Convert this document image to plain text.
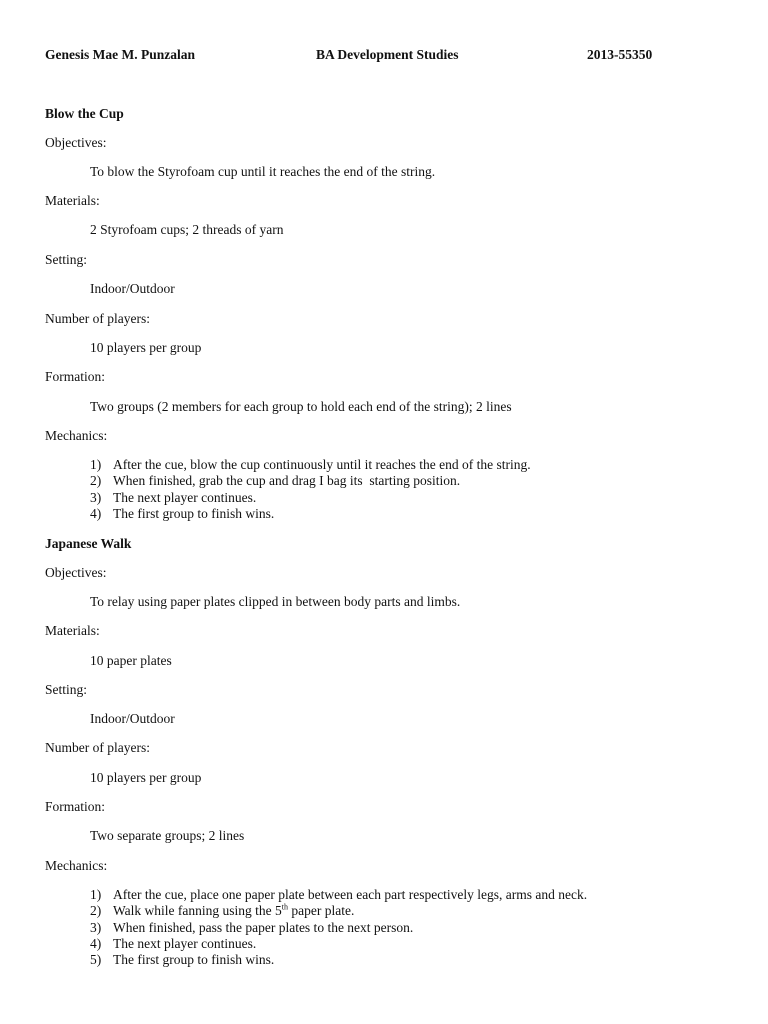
Genesis Mae M. Punzalan	BA Development Studies	2013-55350
Blow the Cup
Objectives:
To blow the Styrofoam cup until it reaches the end of the string.
Materials:
2 Styrofoam cups; 2 threads of yarn
Setting:
Indoor/Outdoor
Number of players:
10 players per group
Formation:
Two groups (2 members for each group to hold each end of the string); 2 lines
Mechanics:
1) After the cue, blow the cup continuously until it reaches the end of the string.
2) When finished, grab the cup and drag I bag its  starting position.
3) The next player continues.
4) The first group to finish wins.
Japanese Walk
Objectives:
To relay using paper plates clipped in between body parts and limbs.
Materials:
10 paper plates
Setting:
Indoor/Outdoor
Number of players:
10 players per group
Formation:
Two separate groups; 2 lines
Mechanics:
1) After the cue, place one paper plate between each part respectively legs, arms and neck.
2) Walk while fanning using the 5th paper plate.
3) When finished, pass the paper plates to the next person.
4) The next player continues.
5) The first group to finish wins.
